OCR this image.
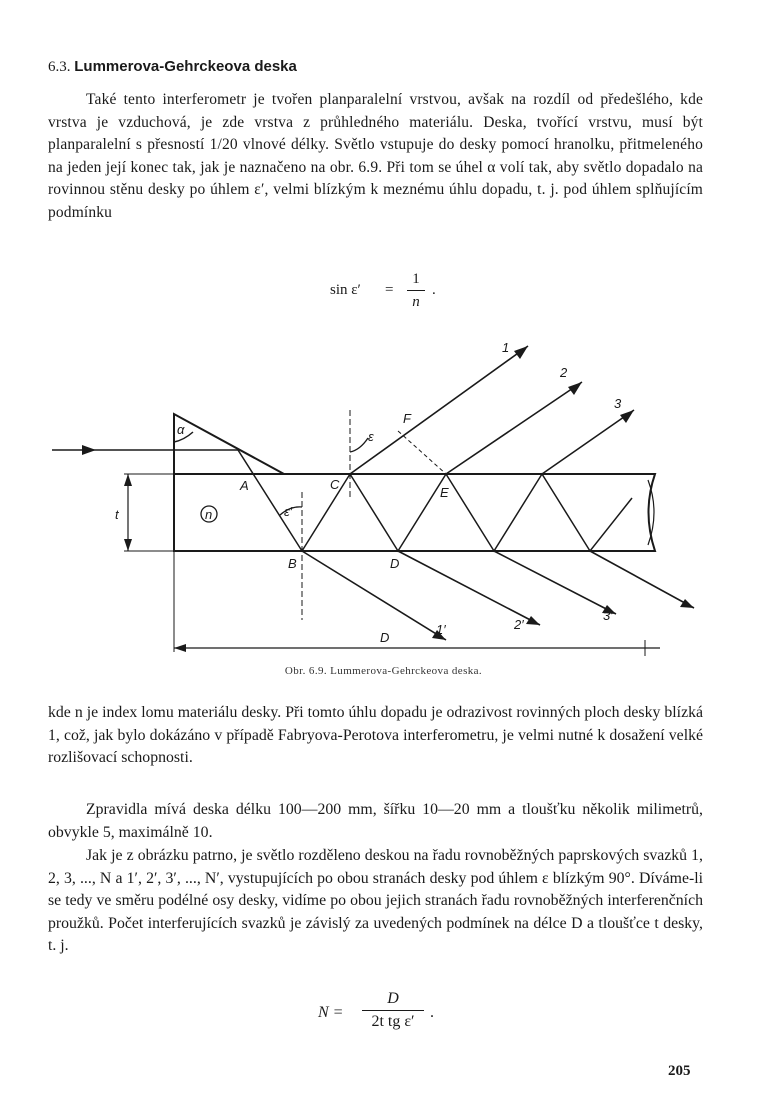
6.3. Lummerova-Gehrckeova deska

Také tento interferometr je tvořen planparalelní vrstvou, avšak na rozdíl od předešlého, kde vrstva je vzduchová, je zde vrstva z průhledného materiálu. Deska, tvořící vrstvu, musí být planparalelní s přesností 1/20 vlnové délky. Světlo vstupuje do desky pomocí hranolku, přitmeleného na jeden její konec tak, jak je naznačeno na obr. 6.9. Při tom se úhel α volí tak, aby světlo dopadalo na rovinnou stěnu desky po úhlem ε′, velmi blízkým k meznému úhlu dopadu, t. j. pod úhlem splňujícím podmínku

sin ε′ =
1
n
.
α
A
B
C
D
E
F
ε
ε′
n
t
D
1
2
3
1′	2′
3′
Obr. 6.9. Lummerova-Gehrckeova deska.

kde n je index lomu materiálu desky. Při tomto úhlu dopadu je odrazivost rovinných ploch desky blízká 1, což, jak bylo dokázáno v případě Fabryova-Perotova interferometru, je velmi nutné k dosažení velké rozlišovací schopnosti.

Zpravidla mívá deska délku 100—200 mm, šířku 10—20 mm a tloušťku několik milimetrů, obvykle 5, maximálně 10.

Jak je z obrázku patrno, je světlo rozděleno deskou na řadu rovnoběžných paprskových svazků 1, 2, 3, ..., N a 1′, 2′, 3′, ..., N′, vystupujících po obou stranách desky pod úhlem ε blízkým 90°. Díváme-li se tedy ve směru podélné osy desky, vidíme po obou jejich stranách řadu rovnoběžných interferenčních proužků. Počet interferujících svazků je závislý za uvedených podmínek na délce D a tloušťce t desky, t. j.

N =
D
2t tg ε′
.
205
